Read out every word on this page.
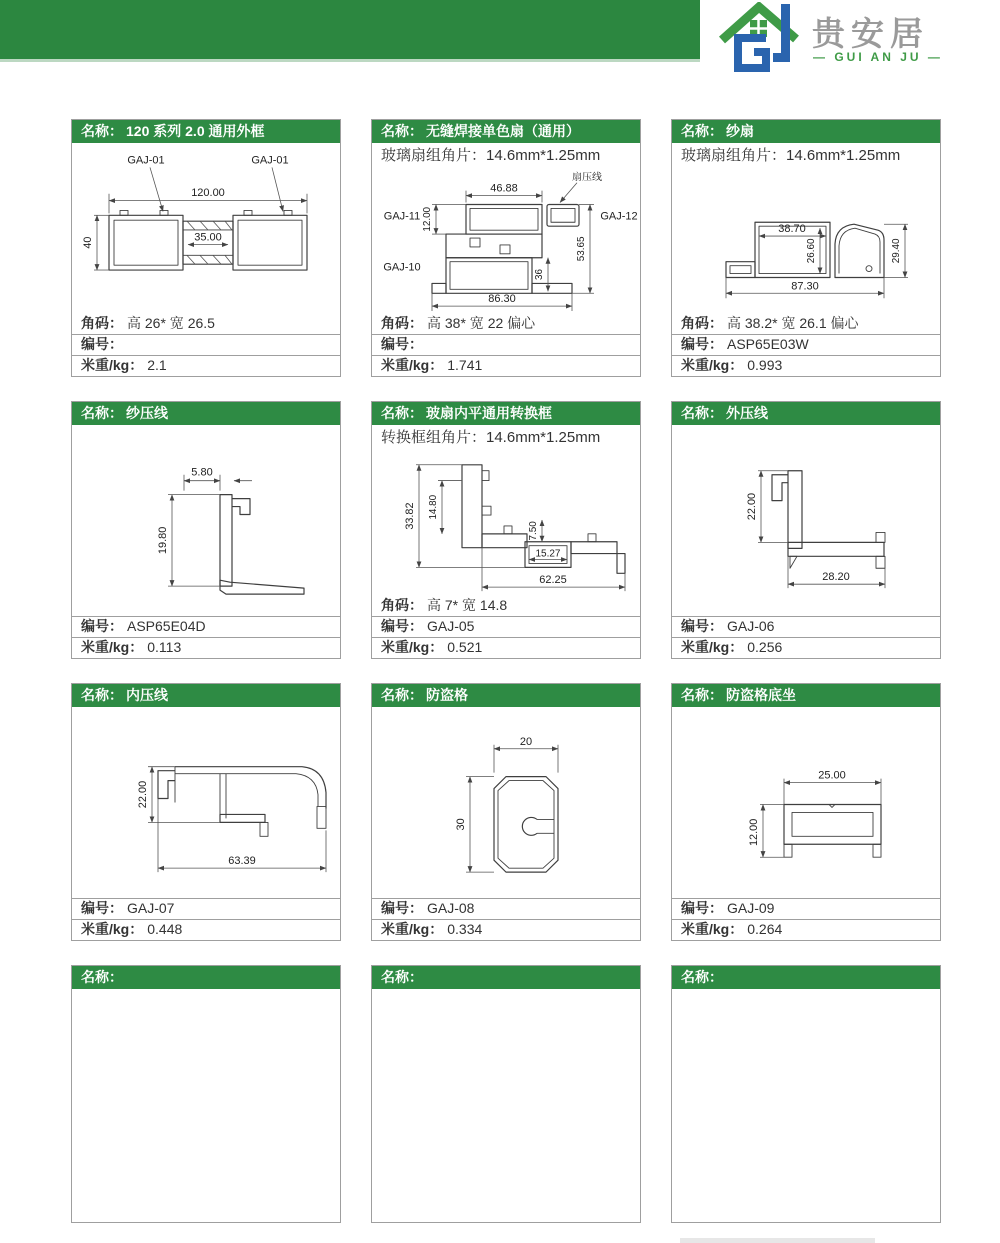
贵安居
— GUI AN JU —
名称： 120 系列 2.0 通用外框
GAJ-01	GAJ-01
120.00
35.00
40
角码： 高 26* 宽 26.5
编号：
米重/kg： 2.1
名称： 无缝焊接单色扇（通用）
玻璃扇组角片：14.6mm*1.25mm
扇压线
46.88
GAJ-11
GAJ-10
GAJ-12
12.00
36
53.65
86.30
角码： 高 38* 宽 22 偏心
编号：
米重/kg： 1.741
名称： 纱扇
玻璃扇组角片：14.6mm*1.25mm
38.70
26.60	29.40
87.30
角码： 高 38.2* 宽 26.1 偏心
编号： ASP65E03W
米重/kg： 0.993
名称： 纱压线
5.80
19.80
编号： ASP65E04D
米重/kg： 0.113
名称： 玻扇内平通用转换框
转换框组角片：14.6mm*1.25mm
33.82 14.80
7.50
15.27
62.25
角码： 高 7* 宽 14.8
编号： GAJ-05
米重/kg： 0.521
名称： 外压线
22.00
28.20
编号： GAJ-06
米重/kg： 0.256
名称： 内压线
22.00
63.39
编号： GAJ-07
米重/kg： 0.448
名称： 防盗格
20
30
编号： GAJ-08
米重/kg： 0.334
名称： 防盗格底坐
25.00
12.00
编号： GAJ-09
米重/kg： 0.264
名称：	名称：	名称：
